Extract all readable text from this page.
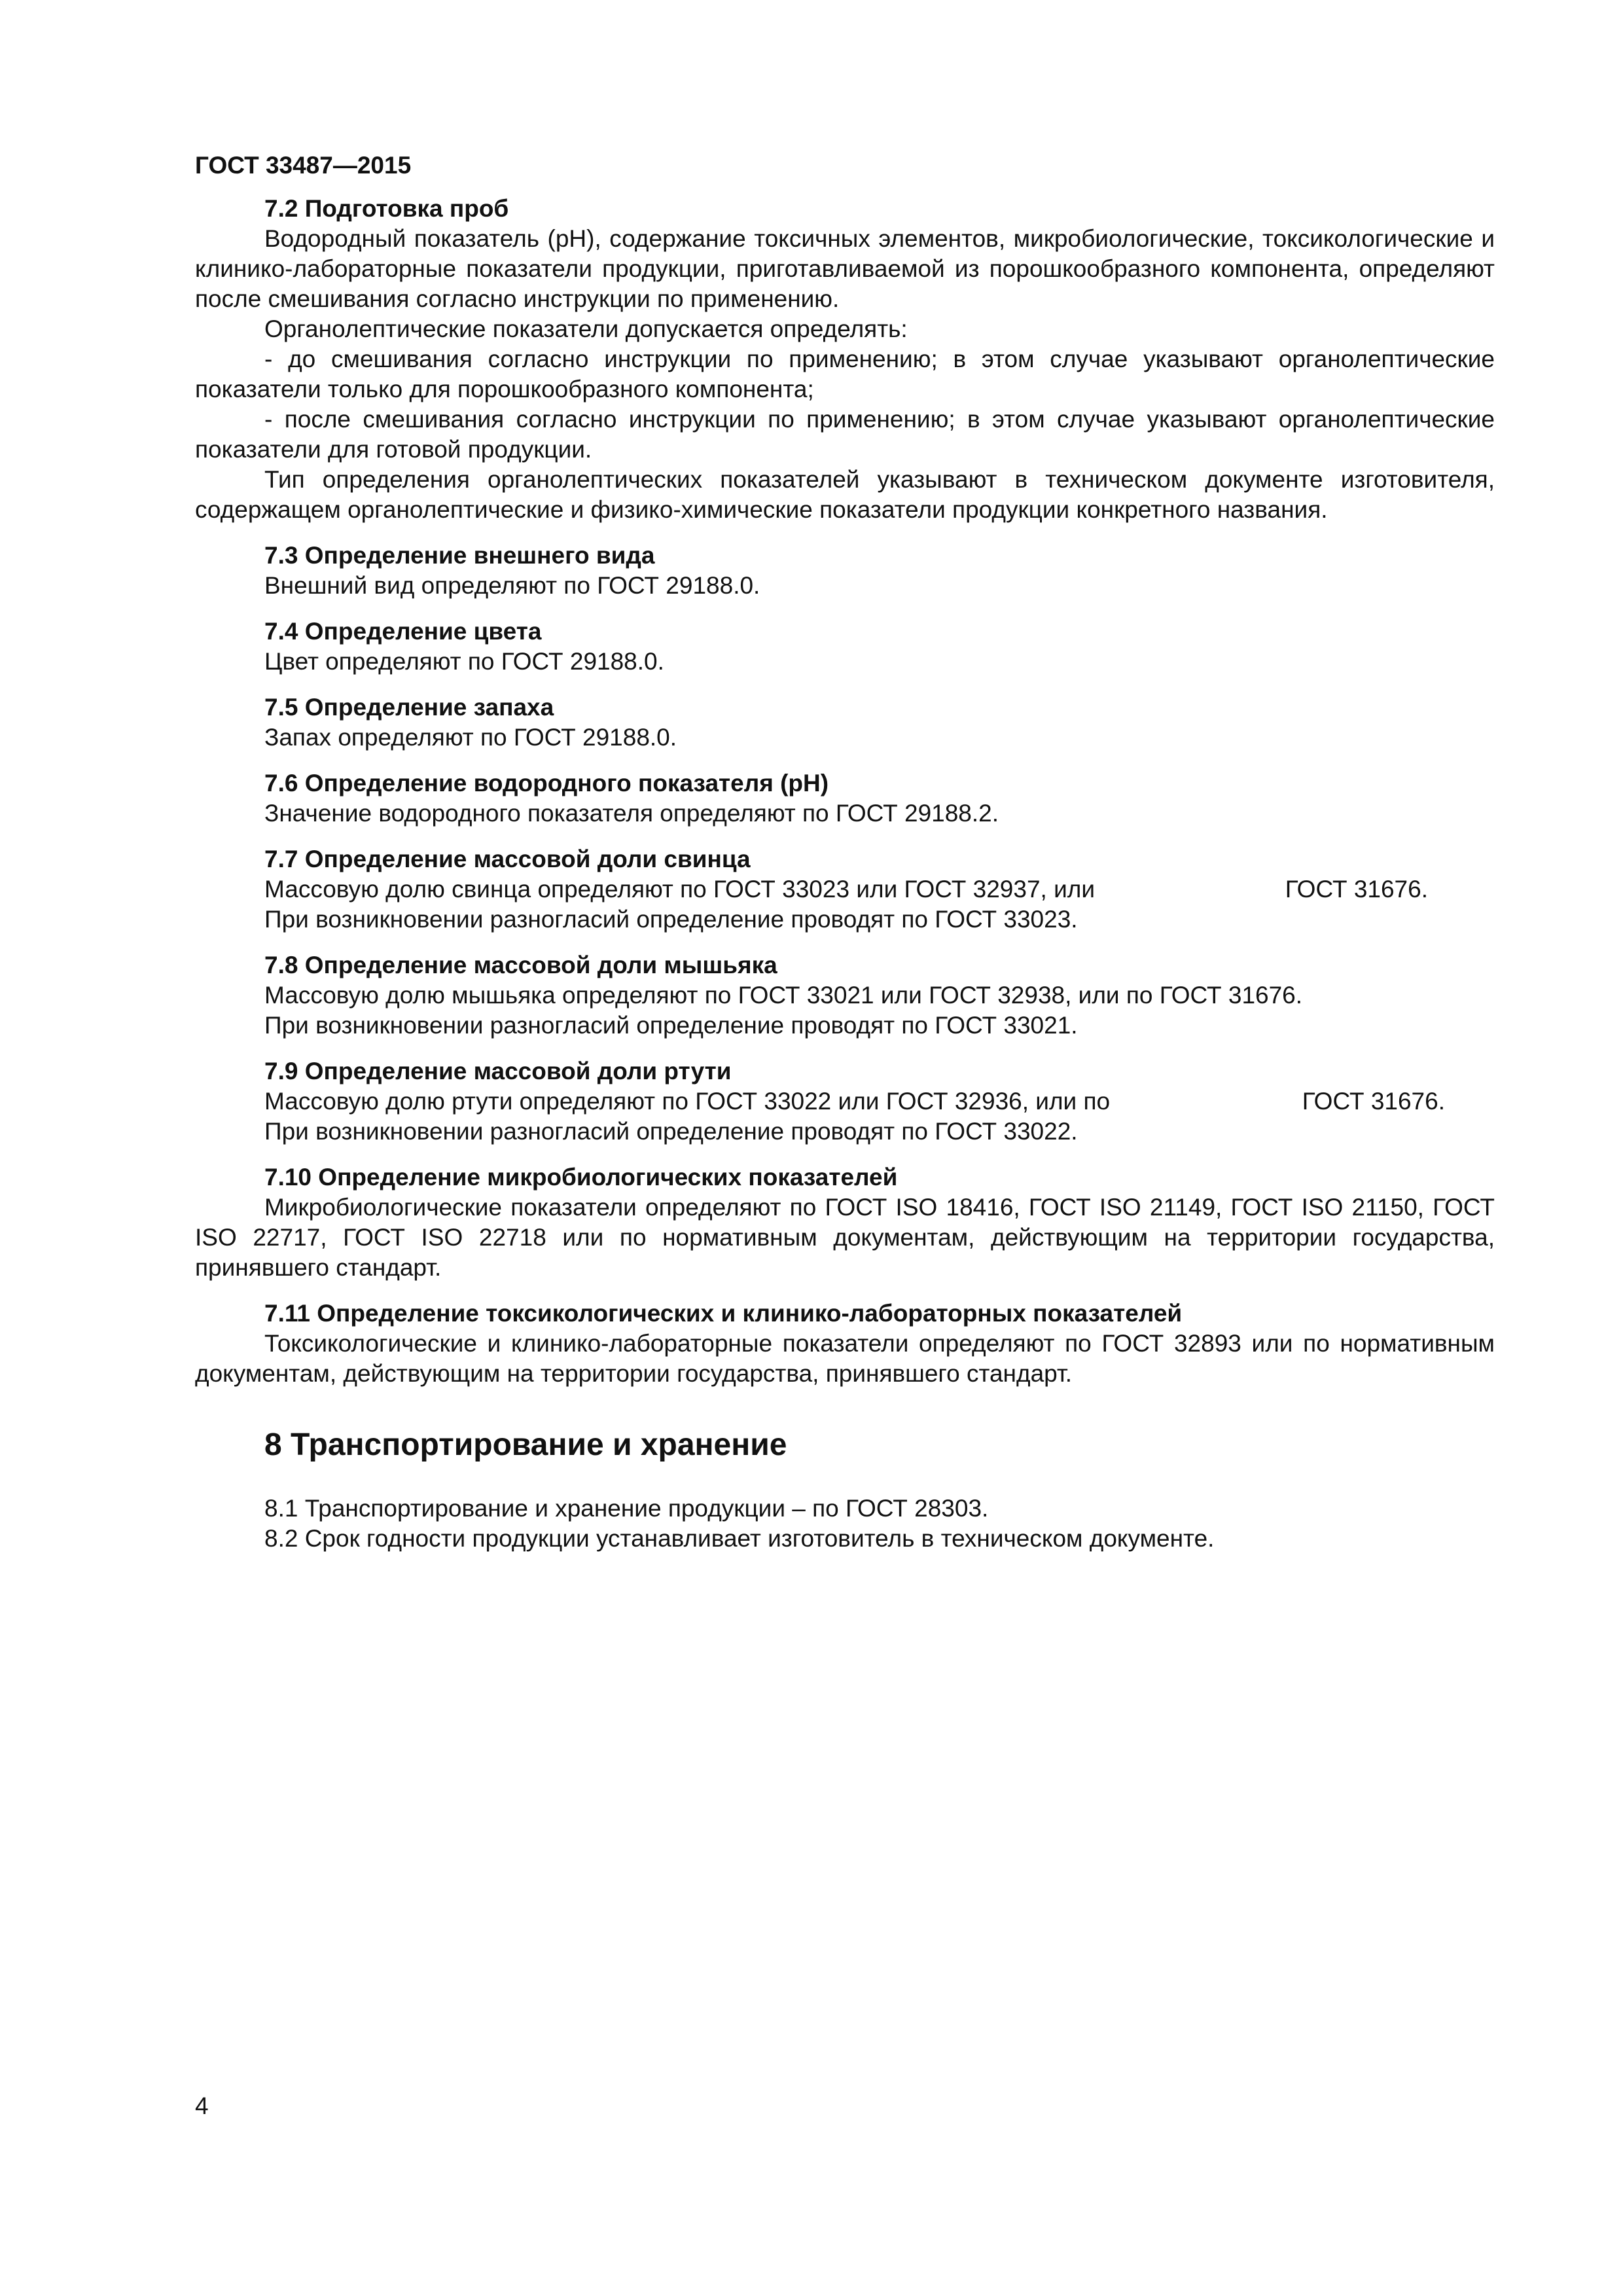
ГОСТ 33487—2015

7.2 Подготовка проб

Водородный показатель (рН), содержание токсичных элементов, микробиологические, токсикологические и клинико-лабораторные показатели продукции, приготавливаемой из порошкообразного компонента, определяют после смешивания согласно инструкции по применению.

Органолептические показатели допускается определять:

- до смешивания согласно инструкции по применению; в этом случае указывают органолептические показатели только для порошкообразного компонента;

- после смешивания согласно инструкции по применению; в этом случае указывают органолептические показатели для готовой продукции.

Тип определения органолептических показателей указывают в техническом документе изготовителя, содержащем органолептические и физико-химические показатели продукции конкретного названия.

7.3 Определение внешнего вида

Внешний вид определяют по ГОСТ 29188.0.

7.4 Определение цвета

Цвет определяют по ГОСТ 29188.0.

7.5 Определение запаха

Запах определяют по ГОСТ 29188.0.

7.6 Определение водородного показателя (рН)

Значение водородного показателя определяют по ГОСТ 29188.2.

7.7 Определение массовой доли свинца

Массовую долю свинца определяют по ГОСТ 33023 или ГОСТ 32937, или	ГОСТ 31676.

При возникновении разногласий определение проводят по ГОСТ 33023.

7.8 Определение массовой доли мышьяка

Массовую долю мышьяка определяют по ГОСТ 33021 или ГОСТ 32938, или по ГОСТ 31676.

При возникновении разногласий определение проводят по ГОСТ 33021.

7.9 Определение массовой доли ртути

Массовую долю ртути определяют по ГОСТ 33022 или ГОСТ 32936, или по	ГОСТ 31676.

При возникновении разногласий определение проводят по ГОСТ 33022.

7.10 Определение микробиологических показателей

Микробиологические показатели определяют по ГОСТ ISO 18416, ГОСТ ISO 21149, ГОСТ ISO 21150, ГОСТ ISO 22717, ГОСТ ISO 22718 или по нормативным документам, действующим на территории государства, принявшего стандарт.

7.11 Определение токсикологических и клинико-лабораторных показателей

Токсикологические и клинико-лабораторные показатели определяют по ГОСТ 32893 или по нормативным документам, действующим на территории государства, принявшего стандарт.

8 Транспортирование и хранение

8.1 Транспортирование и хранение продукции – по ГОСТ 28303.

8.2 Срок годности продукции устанавливает изготовитель в техническом документе.

4
